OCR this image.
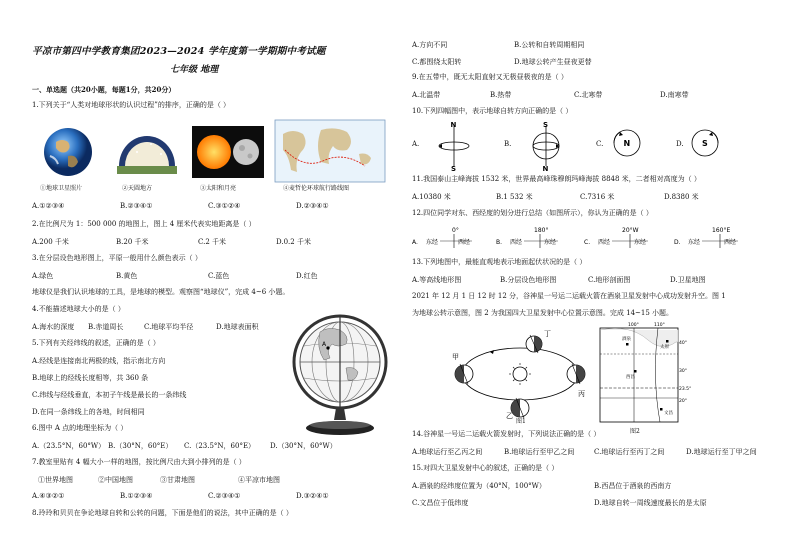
平凉市第四中学教育集团2023—2024 学年度第一学期期中考试题
七年级 地理
一、单选题（共20小题，每题1分，共20分）
1.下列关于“人类对地球形状的认识过程”的排序，正确的是（ ）
①地球卫星照片	②天圆地方	③太阳和月亮	④麦哲伦环球航行路线图
A.①②③④	B.②③④①	C.③①②④	D.②③④①
2.在比例尺为 1：500 000 的地图上，图上 4 厘米代表实地距离是（ ）
A.200 千米	B.20 千米	C.2 千米	D.0.2 千米
3.在分层设色地形图上，平原一般用什么颜色表示（ ）
A.绿色	B.黄色	C.蓝色	D.红色
地球仪是我们认识地球的工具，是地球的模型。观察图“地球仪”，完成 4~6 小题。
A
4.不能描述地球大小的是（ ）
A.海水的深度 B.赤道周长	C.地球平均半径	D.地球表面积
5.下列有关经纬线的叙述，正确的是（ ）
A.经线是连接南北两极的线，指示南北方向
B.地球上的经线长度相等，共 360 条
C.纬线与经线垂直，本初子午线是最长的一条纬线
D.在同一条纬线上的各地，时间相同
6.图中 A 点的地理坐标为（ ）
A.（23.5°N，60°W） B.（30°N，60°E） C.（23.5°N，60°E） D.（30°N，60°W）
7.教室里贴有 4 幅大小一样的地图，按比例尺由大到小排列的是（ ）
①世界地图	②中国地图	③甘肃地图	④平凉市地图
A.④③②①	B.①②③④	C.②③④①	D.③②④①
8.玲玲和贝贝在争论地球自转和公转的问题，下面是他们的说法，其中正确的是（ ）
A.方向不同	B.公转和自转周期相同
C.都围绕太阳转	D.地球公转产生昼夜更替
9.在五带中，既无太阳直射又无极昼极夜的是（ ）
A.北温带	B.热带	C.北寒带	D.南寒带
10.下列四幅图中，表示地球自转方向正确的是（ ）
A.	B.	C.	D.
N
S
S
N
N	S
11.我国泰山主峰海拔 1532 米，世界最高峰珠穆朗玛峰海拔 8848 米，二者相对高度为（ ）
A.10380 米	B.1 532 米	C.7316 米	D.8380 米
12.四位同学对东、西经度的划分进行总结（如图所示），你认为正确的是（ ）
A.
0°
东经	西经	B.
180°
西经	东经	C.
20°W
西经	东经	D.
160°E
东经	西经
13.下列地图中，最能直观地表示地面起伏状况的是（ ）
A.等高线地形图	B.分层设色地形图	C.地形剖面图	D.卫星地图
2021 年 12 月 1 日 12 时 12 分，谷神星一号运二运载火箭在酒泉卫星发射中心成功发射升空。图 1
为地球公转示意图，图 2 为我国四大卫星发射中心位置示意图。完成 14~15 小题。
甲
乙
丙
丁
图1
100°	110°
40°
30°
23.5°
20°
酒泉
太原
西昌
文昌
图2
14.谷神星一号运二运载火箭发射时，下列说法正确的是（ ）
A.地球运行至乙丙之间	B.地球运行至甲乙之间	C.地球运行至丙丁之间	D.地球运行至丁甲之间
15.对四大卫星发射中心的叙述，正确的是（ ）
A.酒泉的经纬度位置为（40°N，100°W）	B.西昌位于酒泉的西南方
C.文昌位于低纬度	D.地球自转一周线速度最长的是太原
